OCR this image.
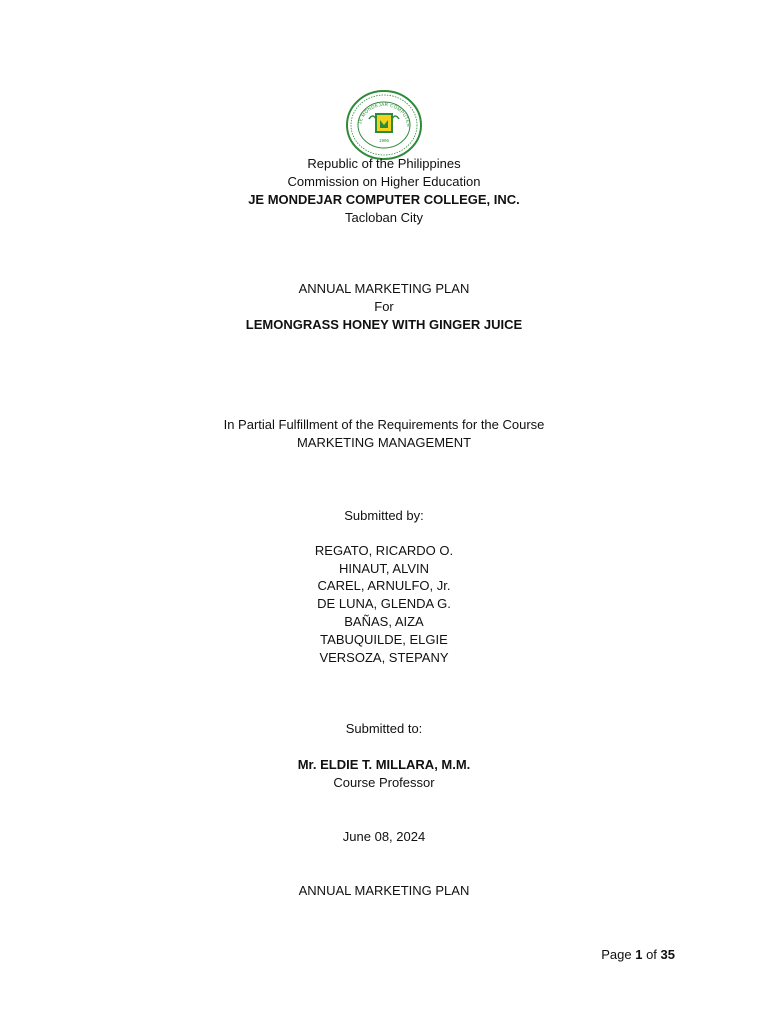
JE MONDEJAR COMPUTER
1996
Republic of the Philippines
Commission on Higher Education
JE MONDEJAR COMPUTER COLLEGE, INC.
Tacloban City
ANNUAL MARKETING PLAN
For
LEMONGRASS HONEY WITH GINGER JUICE
In Partial Fulfillment of the Requirements for the Course
MARKETING MANAGEMENT
Submitted by:
REGATO, RICARDO O.
HINAUT, ALVIN
CAREL, ARNULFO, Jr.
DE LUNA, GLENDA G.
BAÑAS, AIZA
TABUQUILDE, ELGIE
VERSOZA, STEPANY
Submitted to:
Mr. ELDIE T. MILLARA, M.M.
Course Professor
June 08, 2024
ANNUAL MARKETING PLAN
Page 1 of 35
